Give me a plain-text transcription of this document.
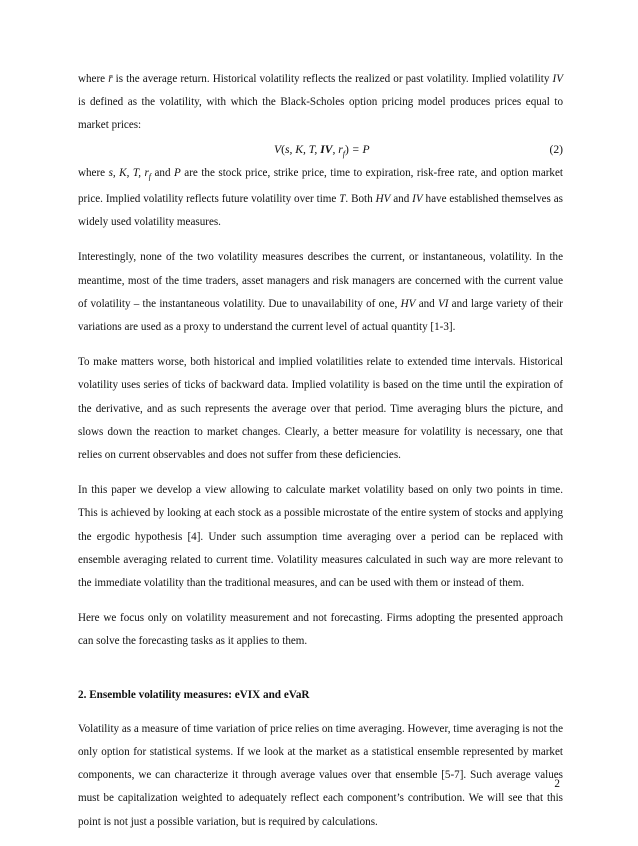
where r̄ is the average return. Historical volatility reflects the realized or past volatility. Implied volatility IV is defined as the volatility, with which the Black-Scholes option pricing model produces prices equal to market prices:

V(s, K, T, IV, $r_f) = P$	(2)

where s, K, T, $r_f$ and P are the stock price, strike price, time to expiration, risk-free rate, and option market price. Implied volatility reflects future volatility over time T. Both HV and IV have established themselves as widely used volatility measures.

Interestingly, none of the two volatility measures describes the current, or instantaneous, volatility. In the meantime, most of the time traders, asset managers and risk managers are concerned with the current value of volatility – the instantaneous volatility. Due to unavailability of one, HV and VI and large variety of their variations are used as a proxy to understand the current level of actual quantity [1-3].

To make matters worse, both historical and implied volatilities relate to extended time intervals. Historical volatility uses series of ticks of backward data. Implied volatility is based on the time until the expiration of the derivative, and as such represents the average over that period. Time averaging blurs the picture, and slows down the reaction to market changes. Clearly, a better measure for volatility is necessary, one that relies on current observables and does not suffer from these deficiencies.

In this paper we develop a view allowing to calculate market volatility based on only two points in time. This is achieved by looking at each stock as a possible microstate of the entire system of stocks and applying the ergodic hypothesis [4]. Under such assumption time averaging over a period can be replaced with ensemble averaging related to current time. Volatility measures calculated in such way are more relevant to the immediate volatility than the traditional measures, and can be used with them or instead of them.

Here we focus only on volatility measurement and not forecasting. Firms adopting the presented approach can solve the forecasting tasks as it applies to them.

2. Ensemble volatility measures: eVIX and eVaR

Volatility as a measure of time variation of price relies on time averaging. However, time averaging is not the only option for statistical systems. If we look at the market as a statistical ensemble represented by market components, we can characterize it through average values over that ensemble [5-7]. Such average values must be capitalization weighted to adequately reflect each component’s contribution. We will see that this point is not just a possible variation, but is required by calculations.

2
